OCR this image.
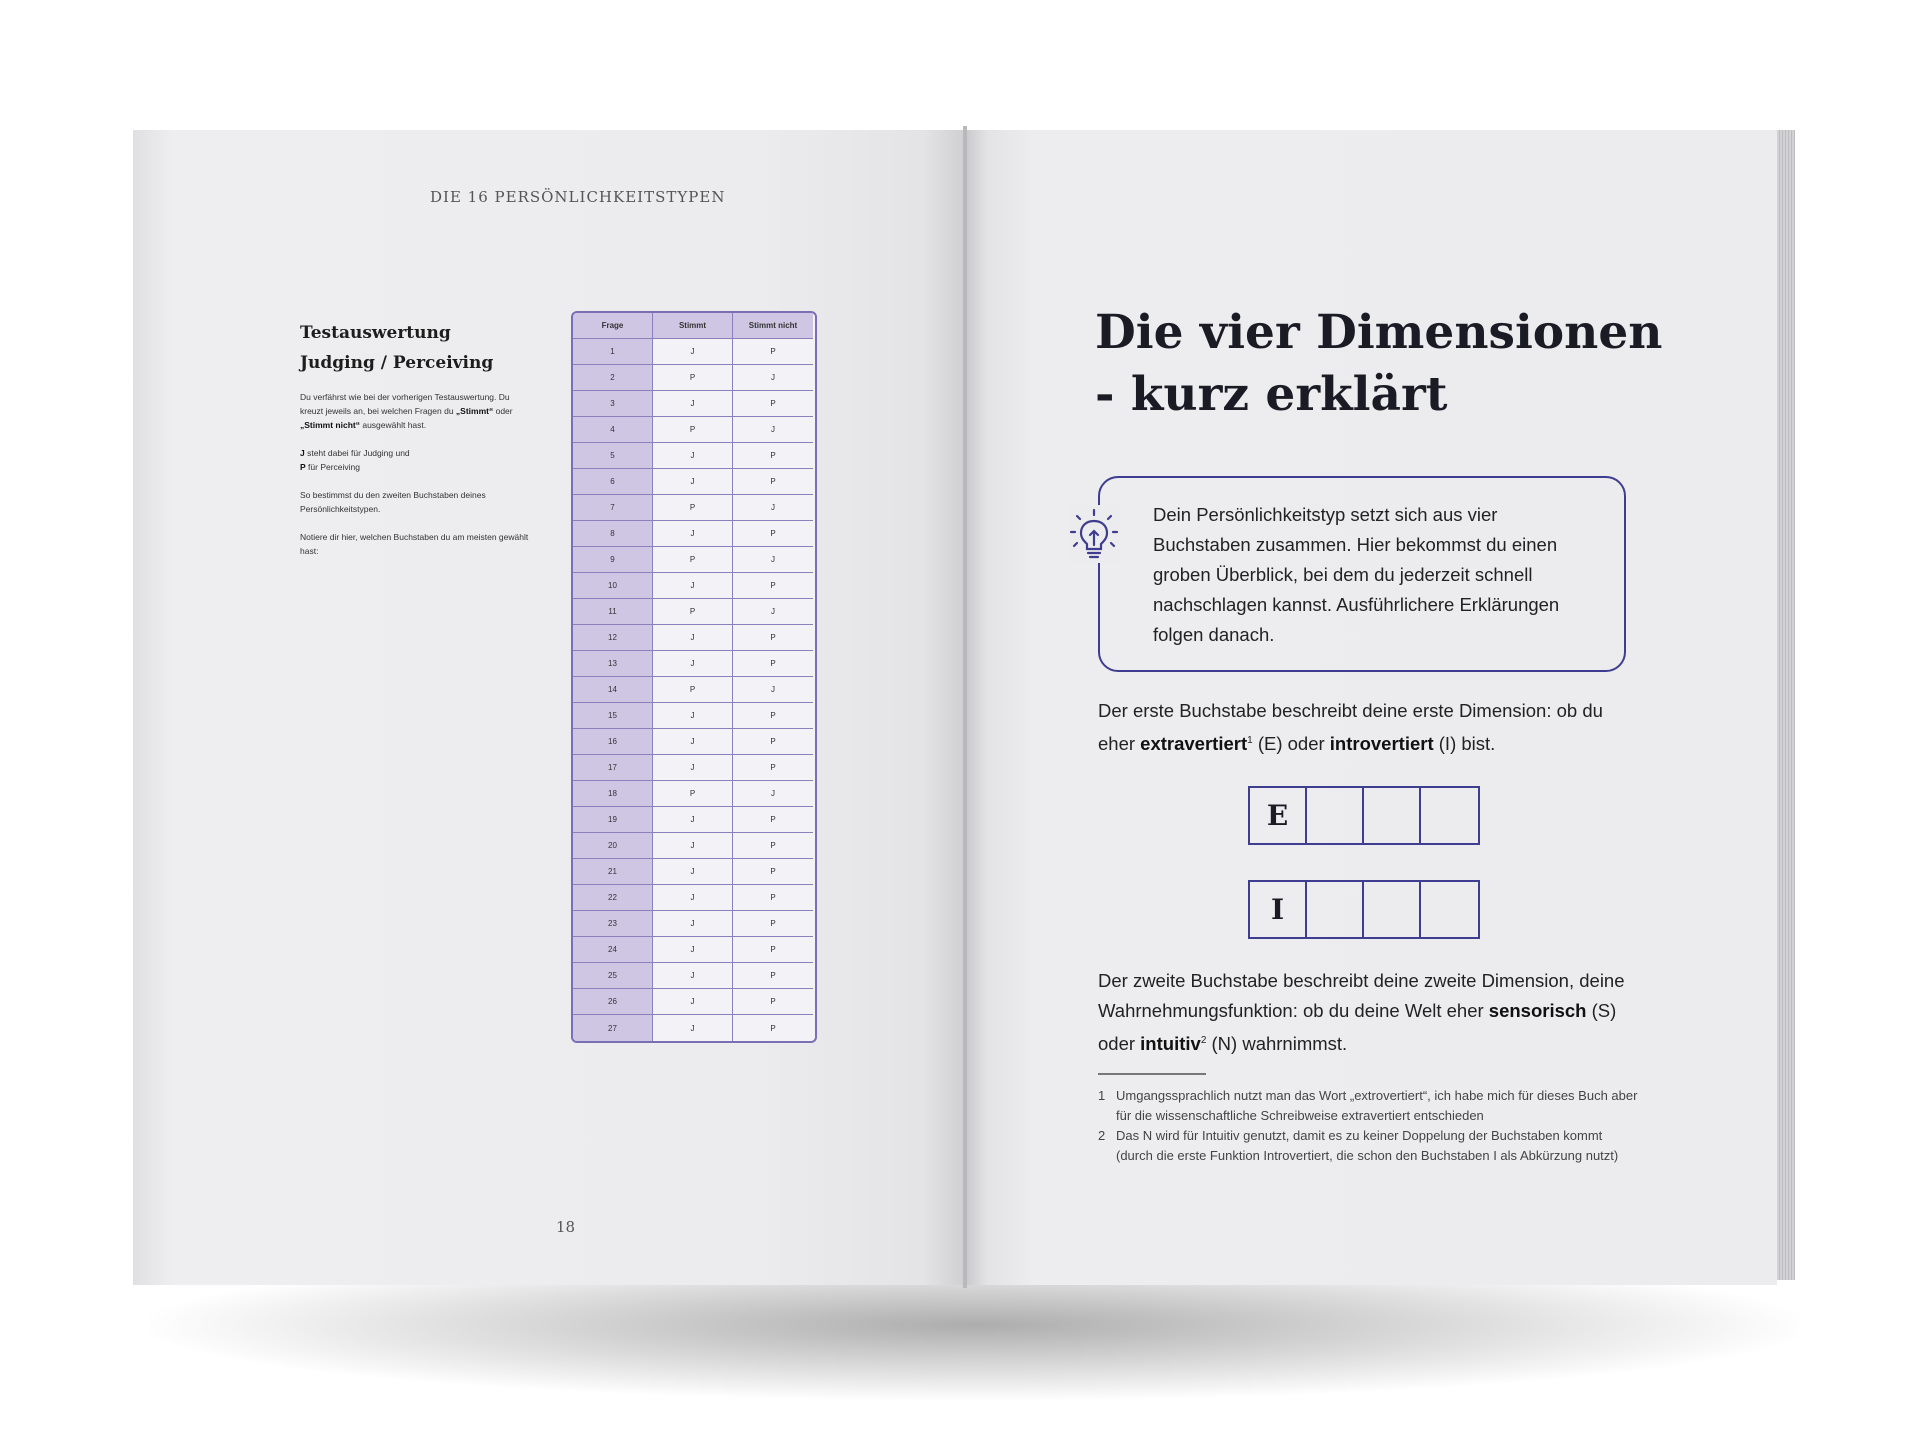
DIE 16 PERSÖNLICHKEITSTYPEN
Testauswertung
Judging / Perceiving

Du verfährst wie bei der vorherigen Testauswertung. Du kreuzt jeweils an, bei welchen Fragen du „Stimmt“ oder
„Stimmt nicht“ ausgewählt hast.

J steht dabei für Judging und
P für Perceiving

So bestimmst du den zweiten Buchstaben deines Persönlichkeitstypen.

Notiere dir hier, welchen Buchstaben du am meisten gewählt hast:

Frage	Stimmt	Stimmt nicht
1	J	P
2	P	J
3	J	P
4	P	J
5	J	P
6	J	P
7	P	J
8	J	P
9	P	J
10	J	P
11	P	J
12	J	P
13	J	P
14	P	J
15	J	P
16	J	P
17	J	P
18	P	J
19	J	P
20	J	P
21	J	P
22	J	P
23	J	P
24	J	P
25	J	P
26	J	P
27	J	P
18
Die vier Dimensionen
- kurz erklärt
Dein Persönlichkeitstyp setzt sich aus vier Buchstaben zusammen. Hier bekommst du einen groben Überblick, bei dem du jederzeit schnell nachschlagen kannst. Ausführlichere Erklärungen folgen danach.
Der erste Buchstabe beschreibt deine erste Dimension: ob du eher extravertiert$^1$ (E) oder introvertiert (I) bist.
E
I
Der zweite Buchstabe beschreibt deine zweite Dimension, deine Wahrnehmungsfunktion: ob du deine Welt eher sensorisch (S) oder intuitiv$^2$ (N) wahrnimmst.
1 Umgangssprachlich nutzt man das Wort „extrovertiert“, ich habe mich für dieses Buch aber für die wissenschaftliche Schreibweise extravertiert entschieden
2 Das N wird für Intuitiv genutzt, damit es zu keiner Doppelung der Buchstaben kommt (durch die erste Funktion Introvertiert, die schon den Buchstaben I als Abkürzung nutzt)
